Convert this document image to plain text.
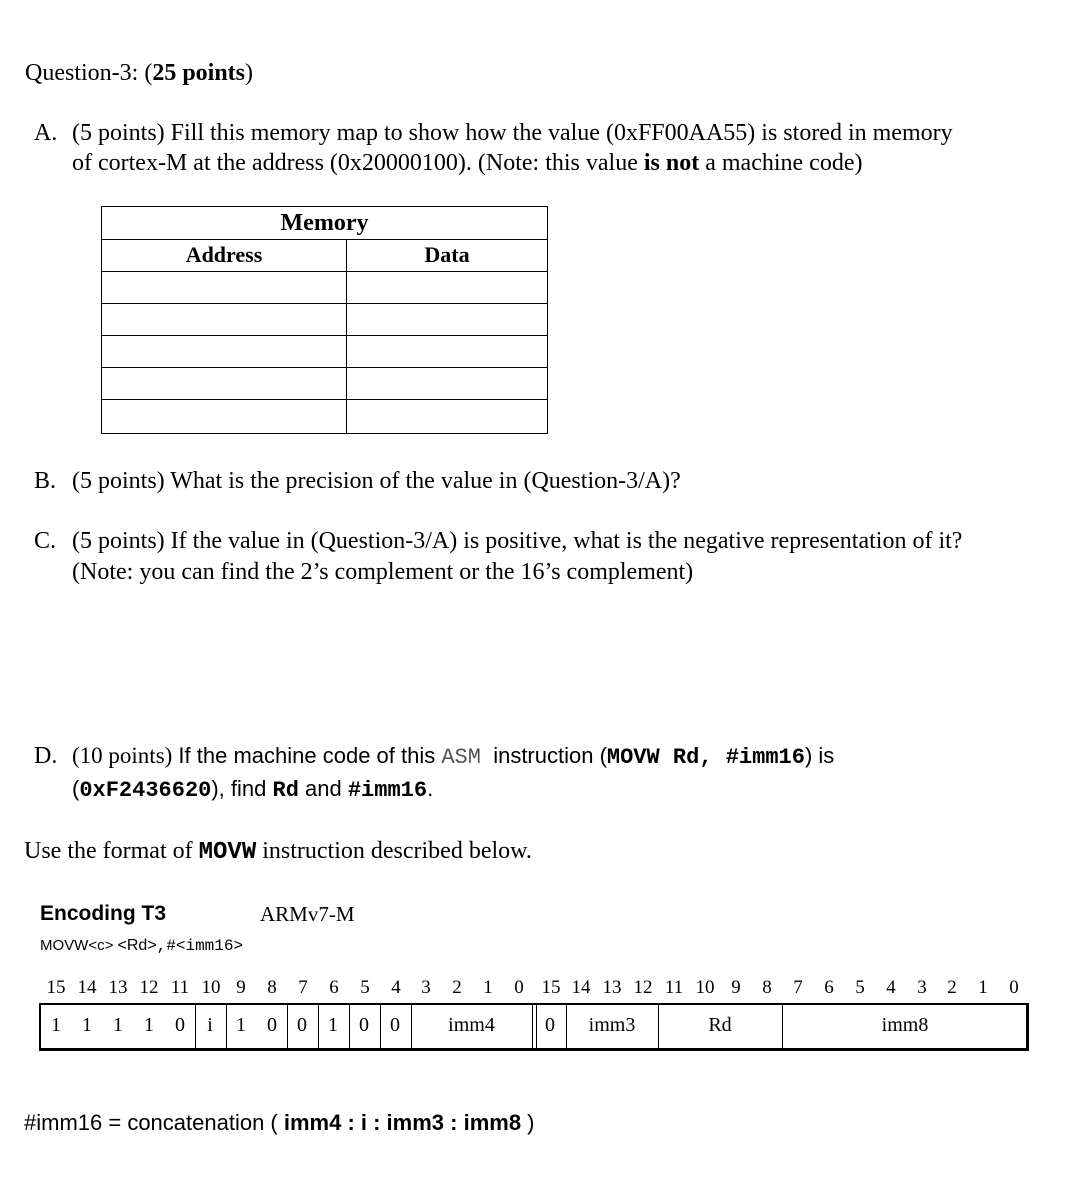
Question-3: (25 points)
A. (5 points) Fill this memory map to show how the value (0xFF00AA55) is stored in memory
of cortex-M at the address (0x20000100). (Note: this value is not a machine code)
Memory
Address	Data
B. (5 points) What is the precision of the value in (Question-3/A)?
C. (5 points) If the value in (Question-3/A) is positive, what is the negative representation of it?
(Note: you can find the 2’s complement or the 16’s complement)
D. (10 points) If the machine code of this ASM  instruction (MOVW Rd, #imm16) is
(0xF2436620), find Rd and #imm16.
Use the format of MOVW instruction described below.
Encoding T3	ARMv7-M
MOVW<c> <Rd>,#<imm16>
15 14 13 12 11 10 9	8	7	6	5	4	3	2	1	0 15 14 13 12 11 10 9	8	7	6	5	4	3	2	1	0
1 1 1 1 0	i	1 0 0 1 0 0	imm4	0	imm3	Rd	imm8
#imm16 = concatenation ( imm4 : i : imm3 : imm8 )
